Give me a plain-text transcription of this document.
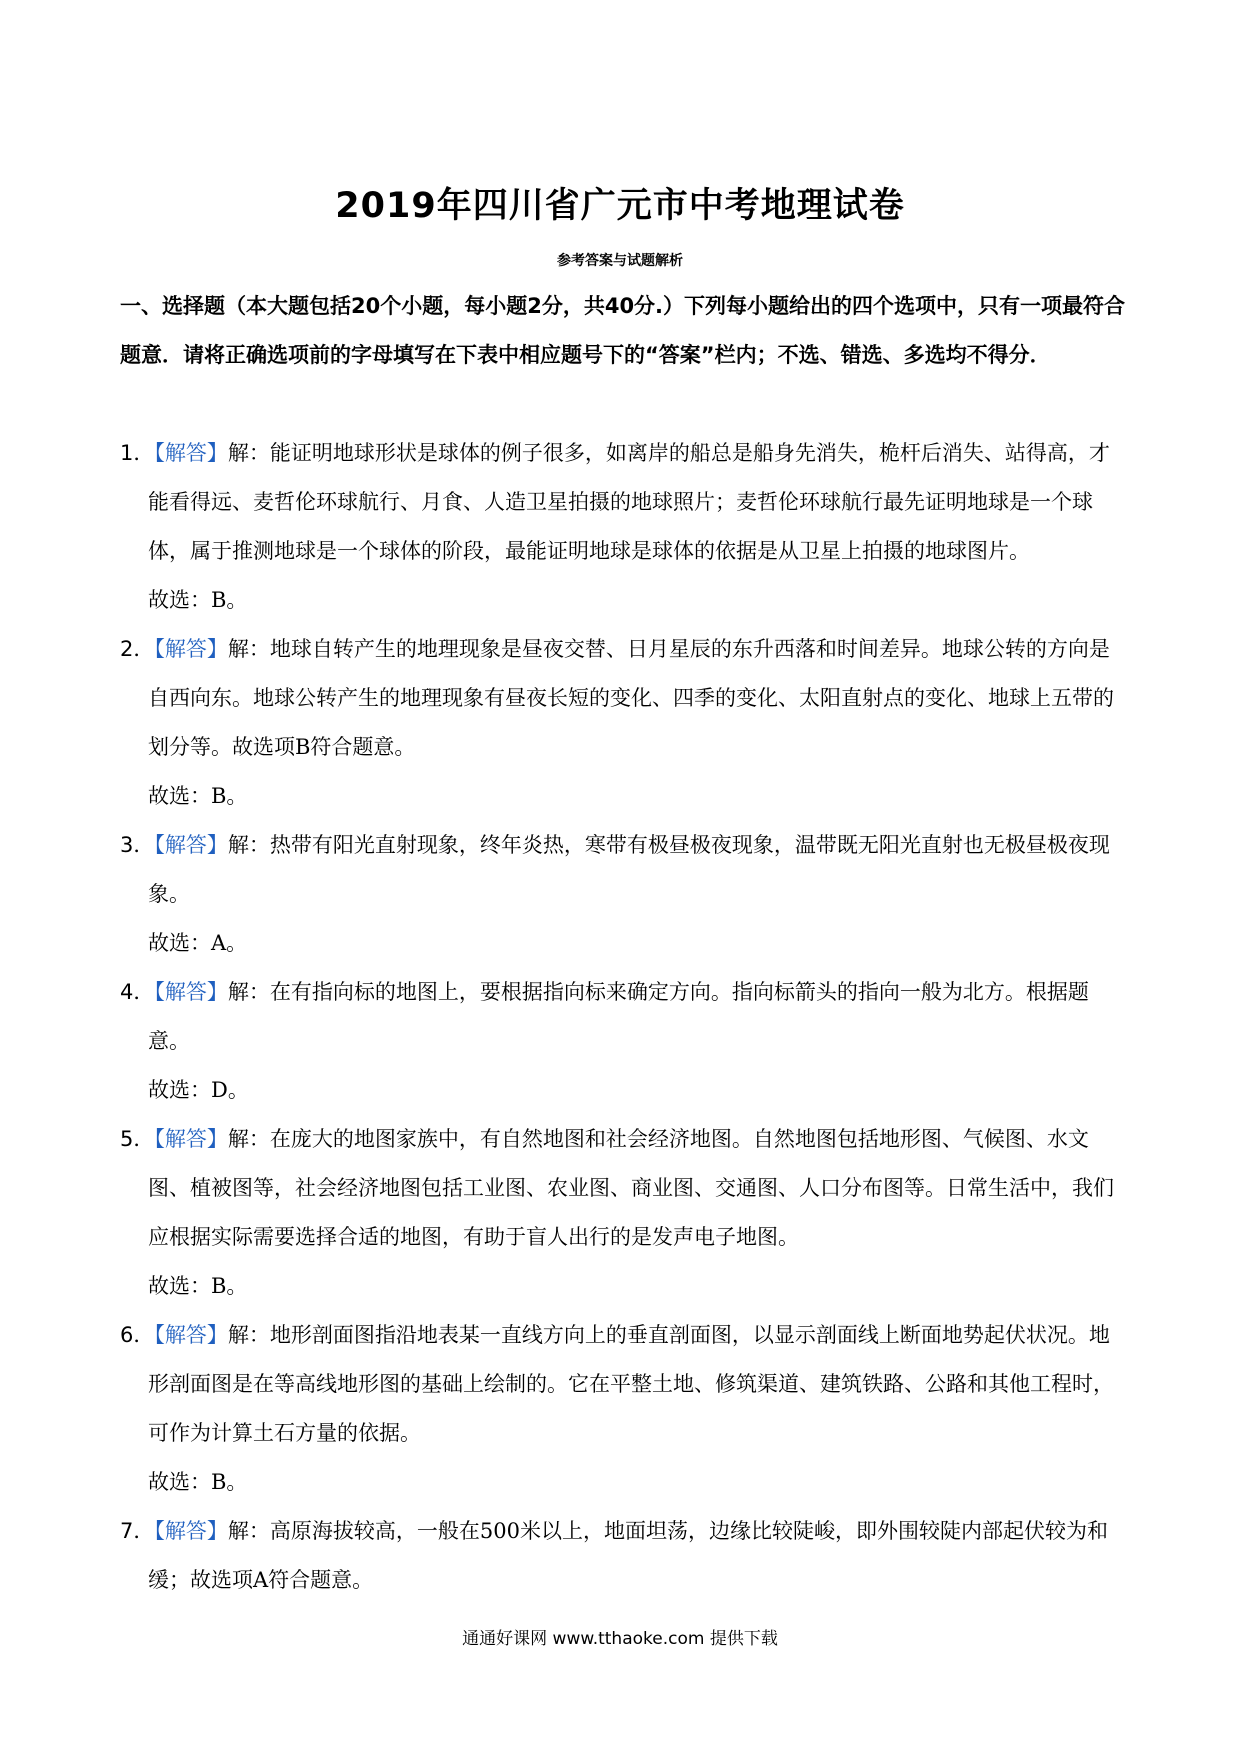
2019年四川省广元市中考地理试卷
参考答案与试题解析
一、选择题（本大题包括20个小题，每小题2分，共40分.）下列每小题给出的四个选项中，只有一项最符合题意．请将正确选项前的字母填写在下表中相应题号下的“答案”栏内；不选、错选、多选均不得分．
1．【解答】解：能证明地球形状是球体的例子很多，如离岸的船总是船身先消失，桅杆后消失、站得高，才能看得远、麦哲伦环球航行、月食、人造卫星拍摄的地球照片；麦哲伦环球航行最先证明地球是一个球体，属于推测地球是一个球体的阶段，最能证明地球是球体的依据是从卫星上拍摄的地球图片。
故选：B。
2．【解答】解：地球自转产生的地理现象是昼夜交替、日月星辰的东升西落和时间差异。地球公转的方向是自西向东。地球公转产生的地理现象有昼夜长短的变化、四季的变化、太阳直射点的变化、地球上五带的划分等。故选项B符合题意。
故选：B。
3．【解答】解：热带有阳光直射现象，终年炎热，寒带有极昼极夜现象，温带既无阳光直射也无极昼极夜现象。
故选：A。
4．【解答】解：在有指向标的地图上，要根据指向标来确定方向。指向标箭头的指向一般为北方。根据题意。
故选：D。
5．【解答】解：在庞大的地图家族中，有自然地图和社会经济地图。自然地图包括地形图、气候图、水文图、植被图等，社会经济地图包括工业图、农业图、商业图、交通图、人口分布图等。日常生活中，我们应根据实际需要选择合适的地图，有助于盲人出行的是发声电子地图。
故选：B。
6．【解答】解：地形剖面图指沿地表某一直线方向上的垂直剖面图，以显示剖面线上断面地势起伏状况。地形剖面图是在等高线地形图的基础上绘制的。它在平整土地、修筑渠道、建筑铁路、公路和其他工程时，可作为计算土石方量的依据。
故选：B。
7．【解答】解：高原海拔较高，一般在500米以上，地面坦荡，边缘比较陡峻，即外围较陡内部起伏较为和缓；故选项A符合题意。
通通好课网 www.tthaoke.com 提供下载
